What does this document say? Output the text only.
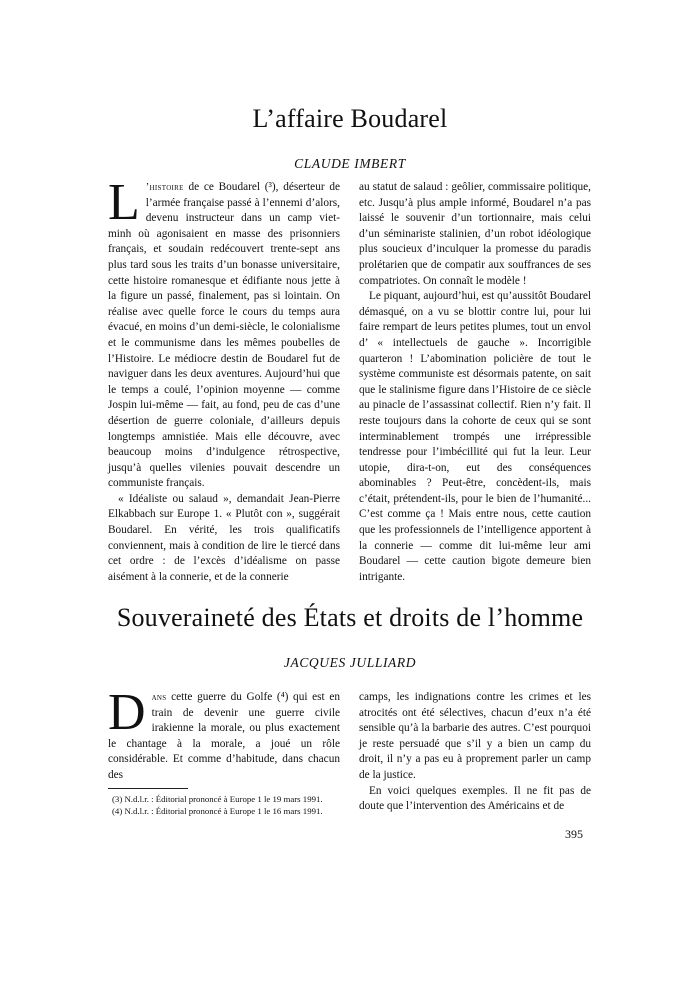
L’affaire Boudarel
CLAUDE IMBERT

L ’histoire de ce Boudarel (³), déserteur de l’armée française passé à l’ennemi d’alors, devenu instructeur dans un camp viet-minh où agonisaient en masse des prisonniers français, et soudain redécouvert trente-sept ans plus tard sous les traits d’un bonasse universitaire, cette histoire romanesque et édifiante nous jette à la figure un passé, finalement, pas si lointain. On réalise avec quelle force le cours du temps aura évacué, en moins d’un demi-siècle, le colonialisme et le communisme dans les mêmes poubelles de l’Histoire. Le médiocre destin de Boudarel fut de naviguer dans les deux aventures. Aujourd’hui que le temps a coulé, l’opinion moyenne — comme Jospin lui-même — fait, au fond, peu de cas d’une désertion de guerre coloniale, d’ailleurs depuis longtemps amnistiée. Mais elle découvre, avec beaucoup moins d’indulgence rétrospective, jusqu’à quelles vilenies pouvait descendre un communiste français.

« Idéaliste ou salaud », demandait Jean-Pierre Elkabbach sur Europe 1. « Plutôt con », suggérait Boudarel. En vérité, les trois qualificatifs conviennent, mais à condition de lire le tiercé dans cet ordre : de l’excès d’idéalisme on passe aisément à la connerie, et de la connerie

au statut de salaud : geôlier, commissaire politique, etc. Jusqu’à plus ample informé, Boudarel n’a pas laissé le souvenir d’un tortionnaire, mais celui d’un séminariste stalinien, d’un robot idéologique plus soucieux d’inculquer la promesse du paradis prolétarien que de compatir aux souffrances de ses compatriotes. On connaît le modèle !

Le piquant, aujourd’hui, est qu’aussitôt Boudarel démasqué, on a vu se blottir contre lui, pour lui faire rempart de leurs petites plumes, tout un envol d’ « intellectuels de gauche ». Incorrigible quarteron ! L’abomination policière de tout le système communiste est désormais patente, on sait que le stalinisme figure dans l’Histoire de ce siècle au pinacle de l’assassinat collectif. Rien n’y fait. Il reste toujours dans la cohorte de ceux qui se sont interminablement trompés une irrépressible tendresse pour l’imbécillité qui fut la leur. Leur utopie, dira-t-on, eut des conséquences abominables ? Peut-être, concèdent-ils, mais c’était, prétendent-ils, pour le bien de l’humanité... C’est comme ça ! Mais entre nous, cette caution que les professionnels de l’intelligence apportent à la connerie — comme dit lui-même leur ami Boudarel — cette caution bigote demeure bien intrigante.

Souveraineté des États et droits de l’homme
JACQUES JULLIARD

Dans cette guerre du Golfe (⁴) qui est en train de devenir une guerre civile irakienne la morale, ou plus exactement le chantage à la morale, a joué un rôle considérable. Et comme d’habitude, dans chacun des

camps, les indignations contre les crimes et les atrocités ont été sélectives, chacun d’eux n’a été sensible qu’à la barbarie des autres. C’est pourquoi je reste persuadé que s’il y a bien un camp du droit, il n’y a pas eu à proprement parler un camp de la justice.

En voici quelques exemples. Il ne fit pas de doute que l’intervention des Américains et de

(3) N.d.l.r. : Éditorial prononcé à Europe 1 le 19 mars 1991.
(4) N.d.l.r. : Éditorial prononcé à Europe 1 le 16 mars 1991.
395
